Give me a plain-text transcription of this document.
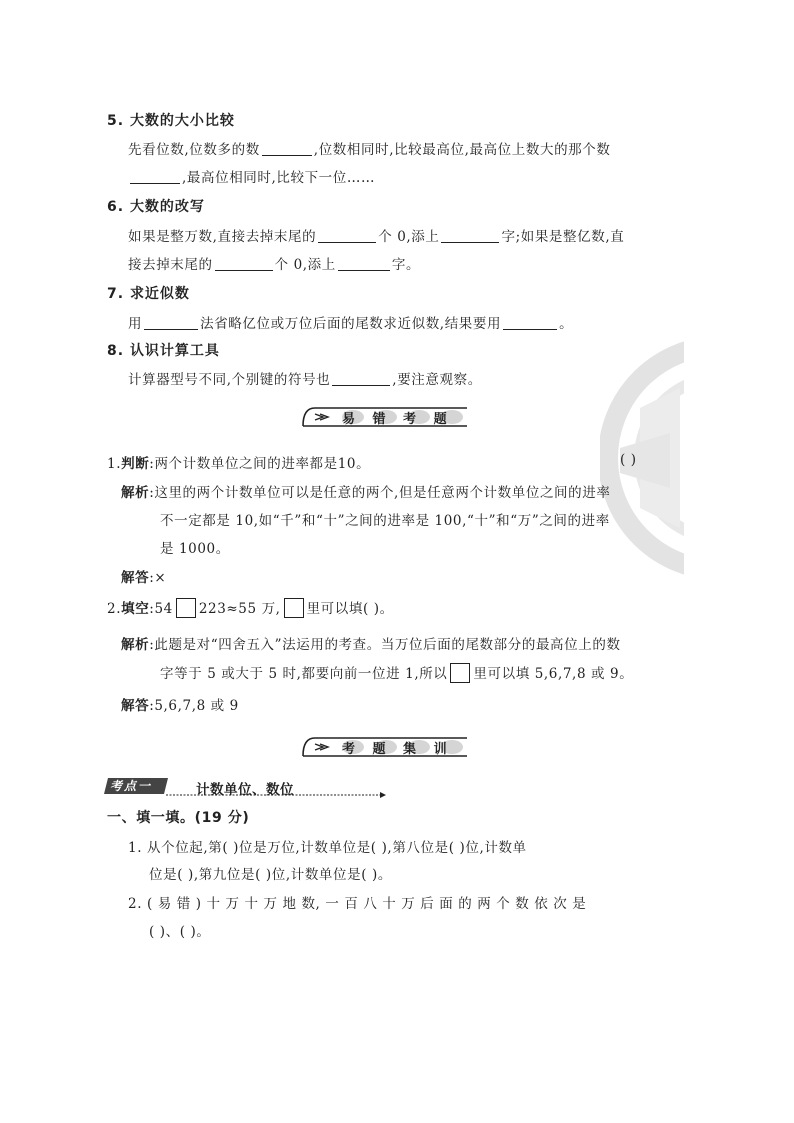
5. 大数的大小比较
先看位数,位数多的数	,位数相同时,比较最高位,最高位上数大的那个数
,最高位相同时,比较下一位……
6. 大数的改写
如果是整万数,直接去掉末尾的	个 0,添上	字;如果是整亿数,直
接去掉末尾的	个 0,添上	字。
7. 求近似数
用	法省略亿位或万位后面的尾数求近似数,结果要用	。
8. 认识计算工具
计算器型号不同,个别键的符号也	,要注意观察。
易 错 考 题
1.判断:两个计数单位之间的进率都是10。	( )
解析:这里的两个计数单位可以是任意的两个,但是任意两个计数单位之间的进率
不一定都是 10,如“千”和“十”之间的进率是 100,“十”和“万”之间的进率
是 1000。
解答:×
2.填空:54 223≈55 万, 里可以填( )。
解析:此题是对“四舍五入”法运用的考查。当万位后面的尾数部分的最高位上的数
字等于 5 或大于 5 时,都要向前一位进 1,所以 里可以填 5,6,7,8 或 9。
解答:5,6,7,8 或 9
考 题 集 训
考点一	计数单位、数位
一、填一填。(19 分)
1. 从个位起,第( )位是万位,计数单位是( ),第八位是( )位,计数单
位是( ),第九位是( )位,计数单位是( )。
2. ( 易 错 ) 十 万 十 万 地 数, 一 百 八 十 万 后 面 的 两 个 数 依 次 是
( )、( )。
